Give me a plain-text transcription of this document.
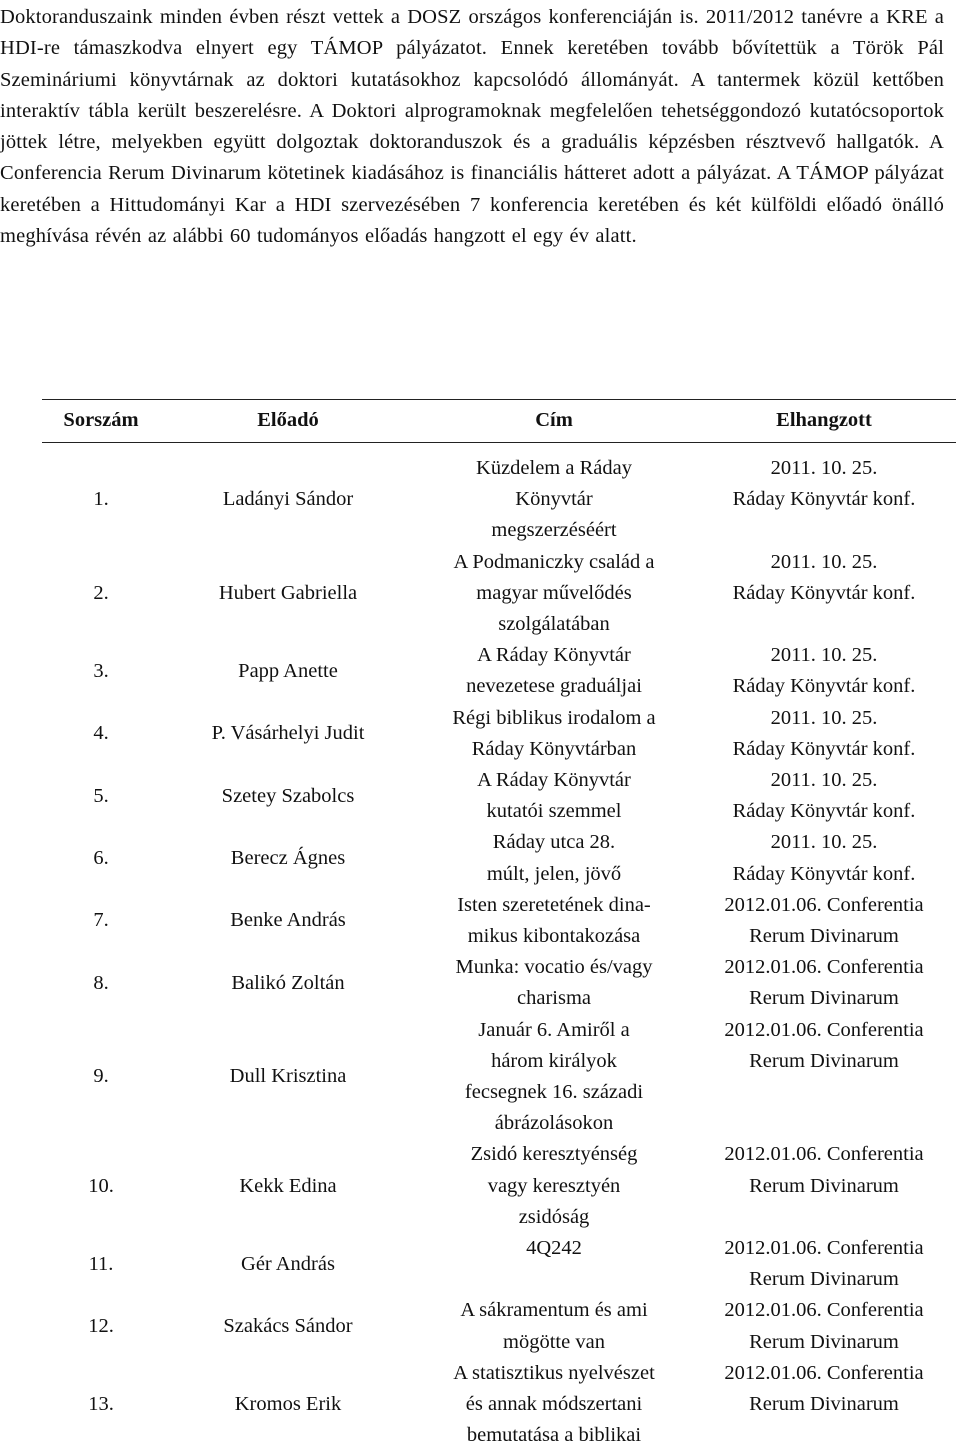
Doktoranduszaink minden évben részt vettek a DOSZ országos konferenciáján is. 2011/2012 tanévre a KRE a HDI-re támaszkodva elnyert egy TÁMOP pályázatot. Ennek keretében tovább bővítettük a Török Pál Szemináriumi könyvtárnak az doktori kutatásokhoz kapcsolódó állományát. A tantermek közül kettőben interaktív tábla került beszerelésre. A Doktori alprogramoknak megfelelően tehetséggondozó kutatócsoportok jöttek létre, melyekben együtt dolgoztak doktoranduszok és a graduális képzésben résztvevő hallgatók. A Conferencia Rerum Divinarum kötetinek kiadásához is financiális hátteret adott a pályázat. A TÁMOP pályázat keretében a Hittudományi Kar a HDI szervezésében 7 konferencia keretében és két külföldi előadó önálló meghívása révén az alábbi 60 tudományos előadás hangzott el egy év alatt.

Sorszám	Előadó	Cím	Elhangzott

1.	Ladányi Sándor	Küzdelem a Ráday
Könyvtár
megszerzéséért	2011. 10. 25.
Ráday Könyvtár konf.

2.	Hubert Gabriella	A Podmaniczky család a
magyar művelődés
szolgálatában	2011. 10. 25.
Ráday Könyvtár konf.

3.	Papp Anette	A Ráday Könyvtár
nevezetese graduáljai	2011. 10. 25.
Ráday Könyvtár konf.

4.	P. Vásárhelyi Judit	Régi biblikus irodalom a
Ráday Könyvtárban	2011. 10. 25.
Ráday Könyvtár konf.

5.	Szetey Szabolcs	A Ráday Könyvtár
kutatói szemmel	2011. 10. 25.
Ráday Könyvtár konf.

6.	Berecz Ágnes	Ráday utca 28.
múlt, jelen, jövő	2011. 10. 25.
Ráday Könyvtár konf.

7.	Benke András	Isten szeretetének dina-
mikus kibontakozása	2012.01.06. Conferentia
Rerum Divinarum

8.	Balikó Zoltán	Munka: vocatio és/vagy
charisma	2012.01.06. Conferentia
Rerum Divinarum

9.	Dull Krisztina	Január 6. Amiről a
három királyok
fecsegnek 16. századi
ábrázolásokon	2012.01.06. Conferentia
Rerum Divinarum

10.	Kekk Edina	Zsidó keresztyénség
vagy keresztyén
zsidóság	2012.01.06. Conferentia
Rerum Divinarum

11.	Gér András	4Q242	2012.01.06. Conferentia
Rerum Divinarum

12.	Szakács Sándor	A sákramentum és ami
mögötte van	2012.01.06. Conferentia
Rerum Divinarum

13.	Kromos Erik	A statisztikus nyelvészet
és annak módszertani
bemutatása a biblikai	2012.01.06. Conferentia
Rerum Divinarum
